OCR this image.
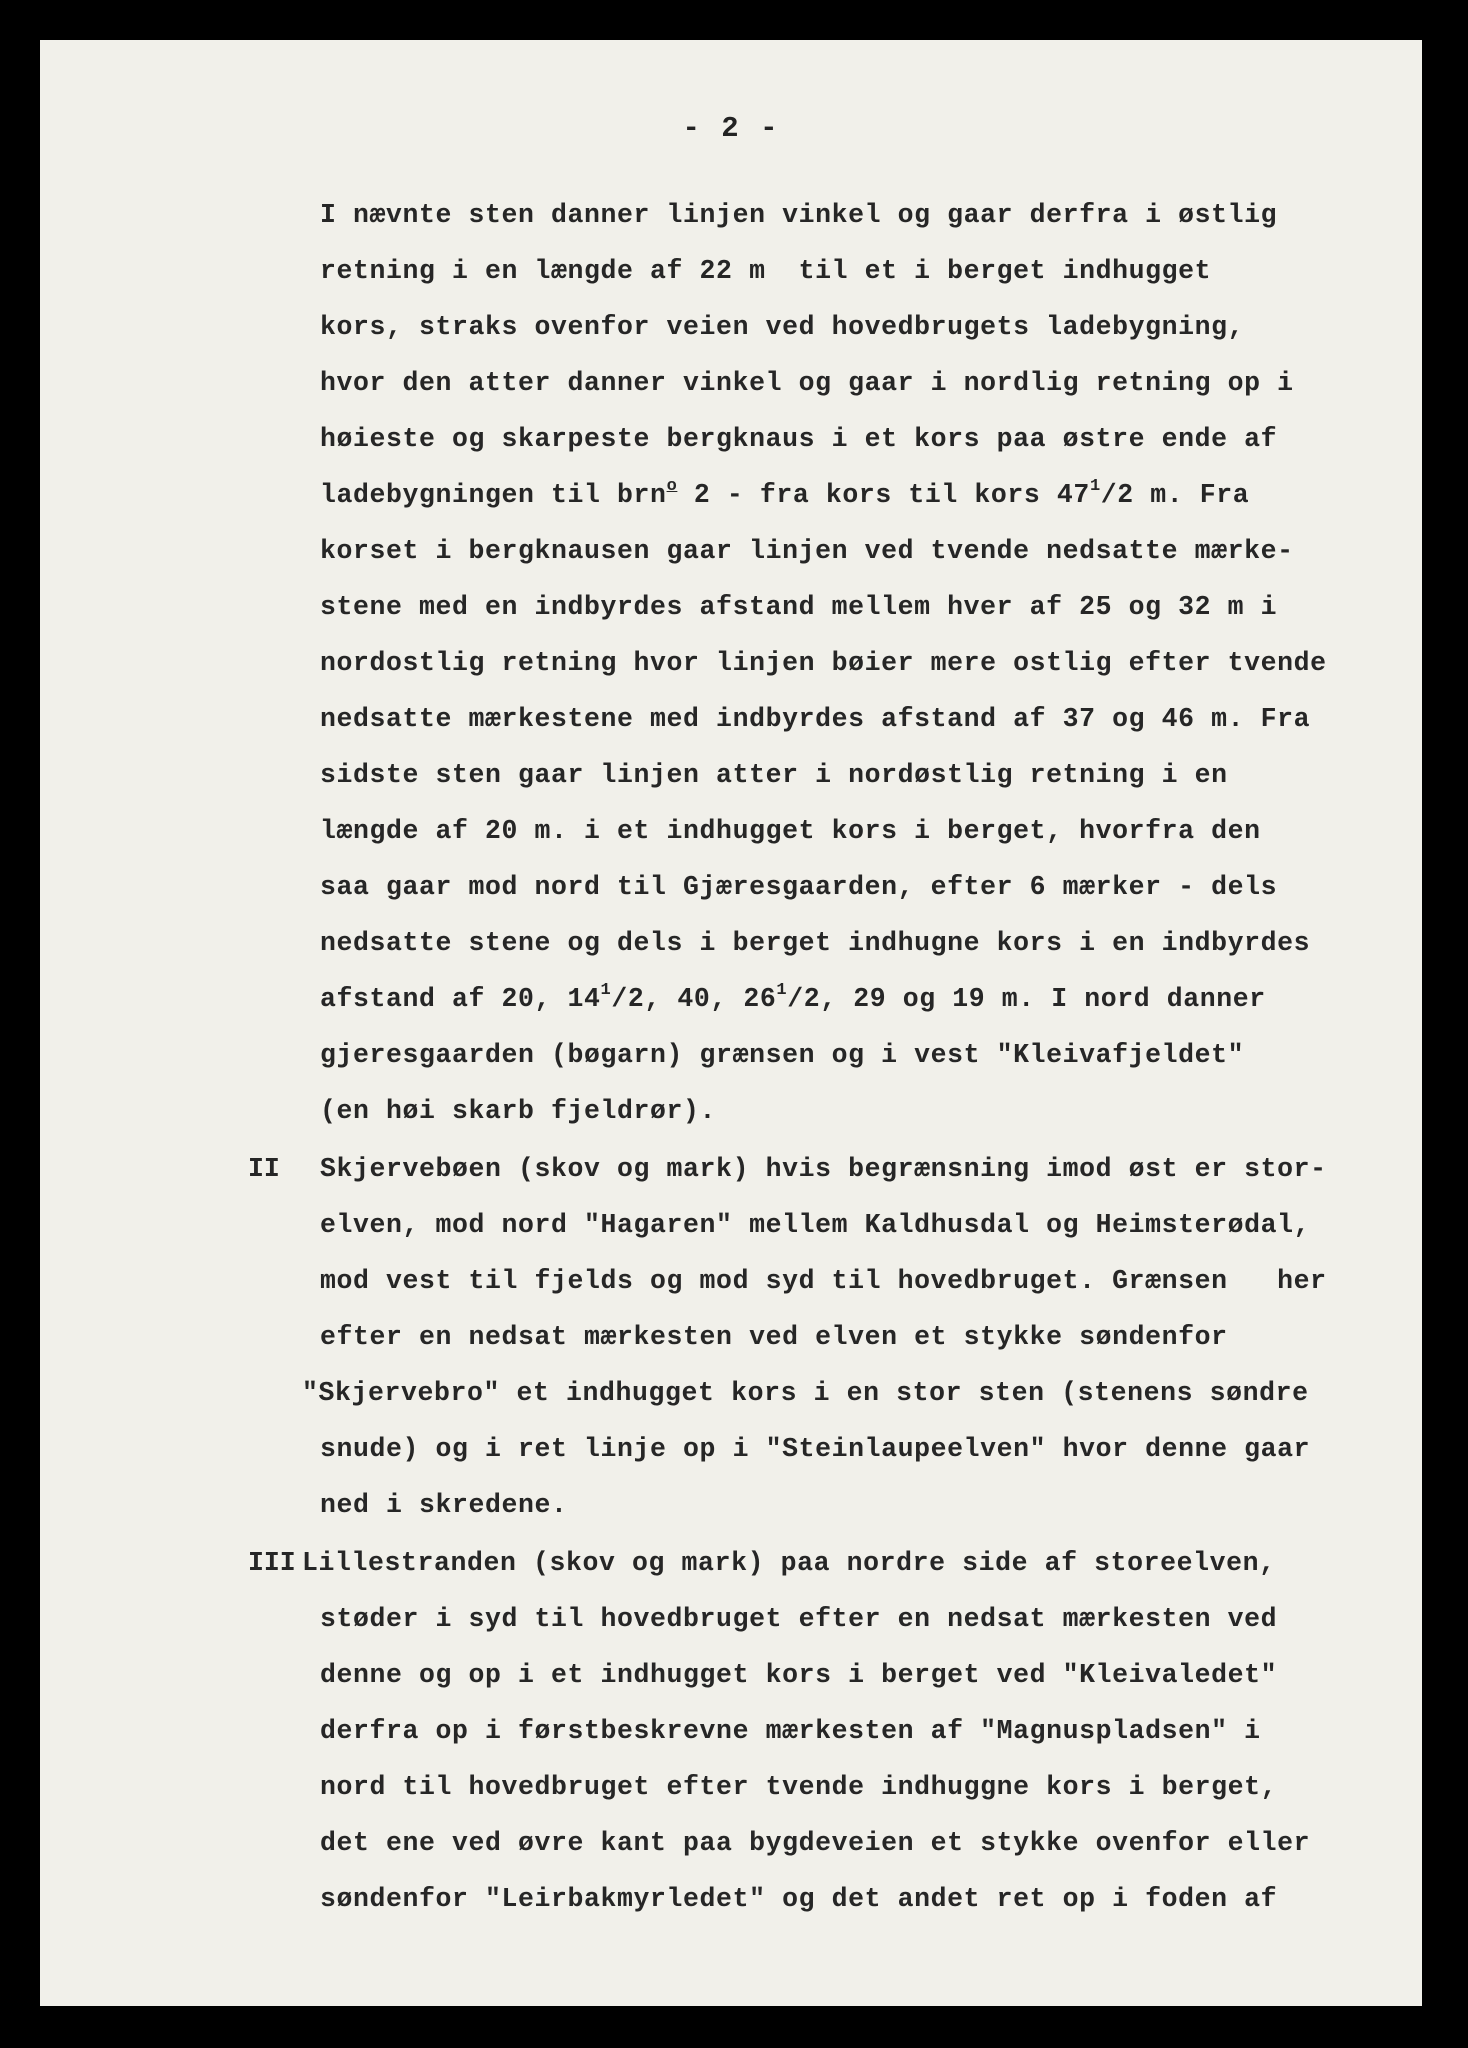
- 2 -
I nævnte sten danner linjen vinkel og gaar derfra i østlig
retning i en længde af 22 m  til et i berget indhugget
kors, straks ovenfor veien ved hovedbrugets ladebygning,
hvor den atter danner vinkel og gaar i nordlig retning op i
høieste og skarpeste bergknaus i et kors paa østre ende af
ladebygningen til brn$^o$ 2 - fra kors til kors $47^1/2$ m. Fra
korset i bergknausen gaar linjen ved tvende nedsatte mærke-
stene med en indbyrdes afstand mellem hver af 25 og 32 m i
nordostlig retning hvor linjen bøier mere ostlig efter tvende
nedsatte mærkestene med indbyrdes afstand af 37 og 46 m. Fra
sidste sten gaar linjen atter i nordøstlig retning i en
længde af 20 m. i et indhugget kors i berget, hvorfra den
saa gaar mod nord til Gjæresgaarden, efter 6 mærker - dels
nedsatte stene og dels i berget indhugne kors i en indbyrdes
afstand af 20, $14^1/2$, 40, $26^1/2$, 29 og 19 m. I nord danner
gjeresgaarden (bøgarn) grænsen og i vest "Kleivafjeldet"
(en høi skarb fjeldrør).
II Skjervebøen (skov og mark) hvis begrænsning imod øst er stor-
elven, mod nord "Hagaren" mellem Kaldhusdal og Heimsterødal,
mod vest til fjelds og mod syd til hovedbruget. Grænsen   her
efter en nedsat mærkesten ved elven et stykke søndenfor
"Skjervebro" et indhugget kors i en stor sten (stenens søndre
snude) og i ret linje op i "Steinlaupeelven" hvor denne gaar
ned i skredene.
III Lillestranden (skov og mark) paa nordre side af storeelven,
støder i syd til hovedbruget efter en nedsat mærkesten ved
denne og op i et indhugget kors i berget ved "Kleivaledet"
derfra op i førstbeskrevne mærkesten af "Magnuspladsen" i
nord til hovedbruget efter tvende indhuggne kors i berget,
det ene ved øvre kant paa bygdeveien et stykke ovenfor eller
søndenfor "Leirbakmyrledet" og det andet ret op i foden af
